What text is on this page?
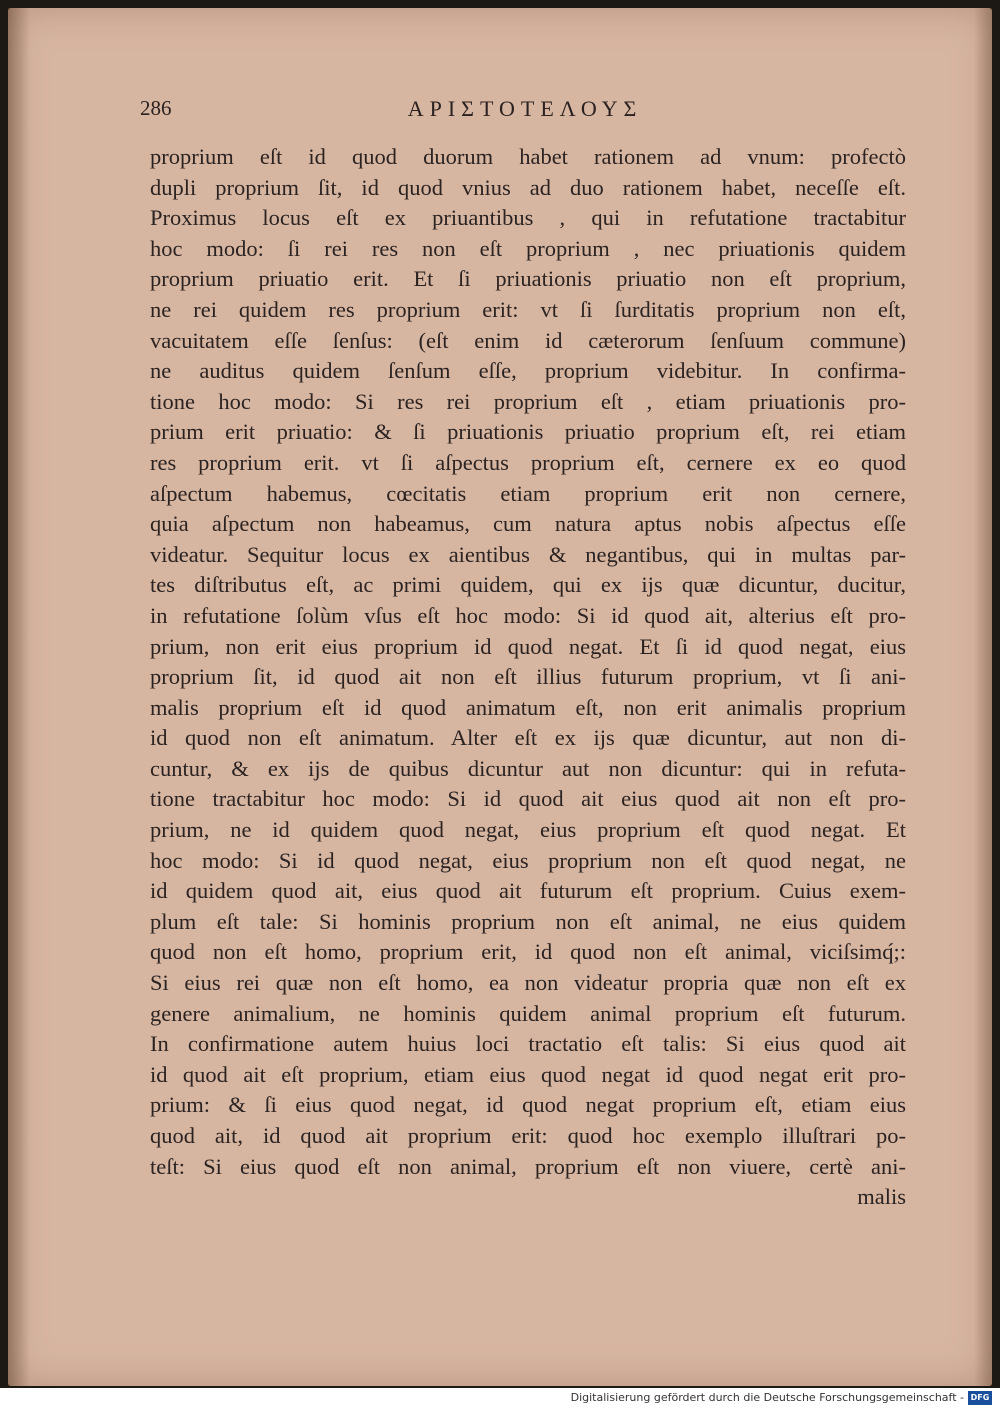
286	ΑΡΙΣΤΟΤΕΛΟΥΣ
proprium eſt id quod duorum habet rationem ad vnum: profectò
dupli proprium ſit, id quod vnius ad duo rationem habet, neceſſe eſt.
Proximus locus eſt ex priuantibus , qui in refutatione tractabitur
hoc modo: ſi rei res non eſt proprium , nec priuationis quidem
proprium priuatio erit. Et ſi priuationis priuatio non eſt proprium,
ne rei quidem res proprium erit: vt ſi ſurditatis proprium non eſt,
vacuitatem eſſe ſenſus: (eſt enim id cæterorum ſenſuum commune)
ne auditus quidem ſenſum eſſe, proprium videbitur. In confirma-
tione hoc modo: Si res rei proprium eſt , etiam priuationis pro-
prium erit priuatio: & ſi priuationis priuatio proprium eſt, rei etiam
res proprium erit. vt ſi aſpectus proprium eſt, cernere ex eo quod
aſpectum habemus, cœcitatis etiam proprium erit non cernere,
quia aſpectum non habeamus, cum natura aptus nobis aſpectus eſſe
videatur. Sequitur locus ex aientibus & negantibus, qui in multas par-
tes diſtributus eſt, ac primi quidem, qui ex ijs quæ dicuntur, ducitur,
in refutatione ſolùm vſus eſt hoc modo: Si id quod ait, alterius eſt pro-
prium, non erit eius proprium id quod negat. Et ſi id quod negat, eius
proprium ſit, id quod ait non eſt illius futurum proprium, vt ſi ani-
malis proprium eſt id quod animatum eſt, non erit animalis proprium
id quod non eſt animatum. Alter eſt ex ijs quæ dicuntur, aut non di-
cuntur, & ex ijs de quibus dicuntur aut non dicuntur: qui in refuta-
tione tractabitur hoc modo: Si id quod ait eius quod ait non eſt pro-
prium, ne id quidem quod negat, eius proprium eſt quod negat. Et
hoc modo: Si id quod negat, eius proprium non eſt quod negat, ne
id quidem quod ait, eius quod ait futurum eſt proprium. Cuius exem-
plum eſt tale: Si hominis proprium non eſt animal, ne eius quidem
quod non eſt homo, proprium erit, id quod non eſt animal, viciſsimq́;:
Si eius rei quæ non eſt homo, ea non videatur propria quæ non eſt ex
genere animalium, ne hominis quidem animal proprium eſt futurum.
In confirmatione autem huius loci tractatio eſt talis: Si eius quod ait
id quod ait eſt proprium, etiam eius quod negat id quod negat erit pro-
prium: & ſi eius quod negat, id quod negat proprium eſt, etiam eius
quod ait, id quod ait proprium erit: quod hoc exemplo illuſtrari po-
teſt: Si eius quod eſt non animal, proprium eſt non viuere, certè ani-
malis
Digitalisierung gefördert durch die Deutsche Forschungsgemeinschaft - DFG
